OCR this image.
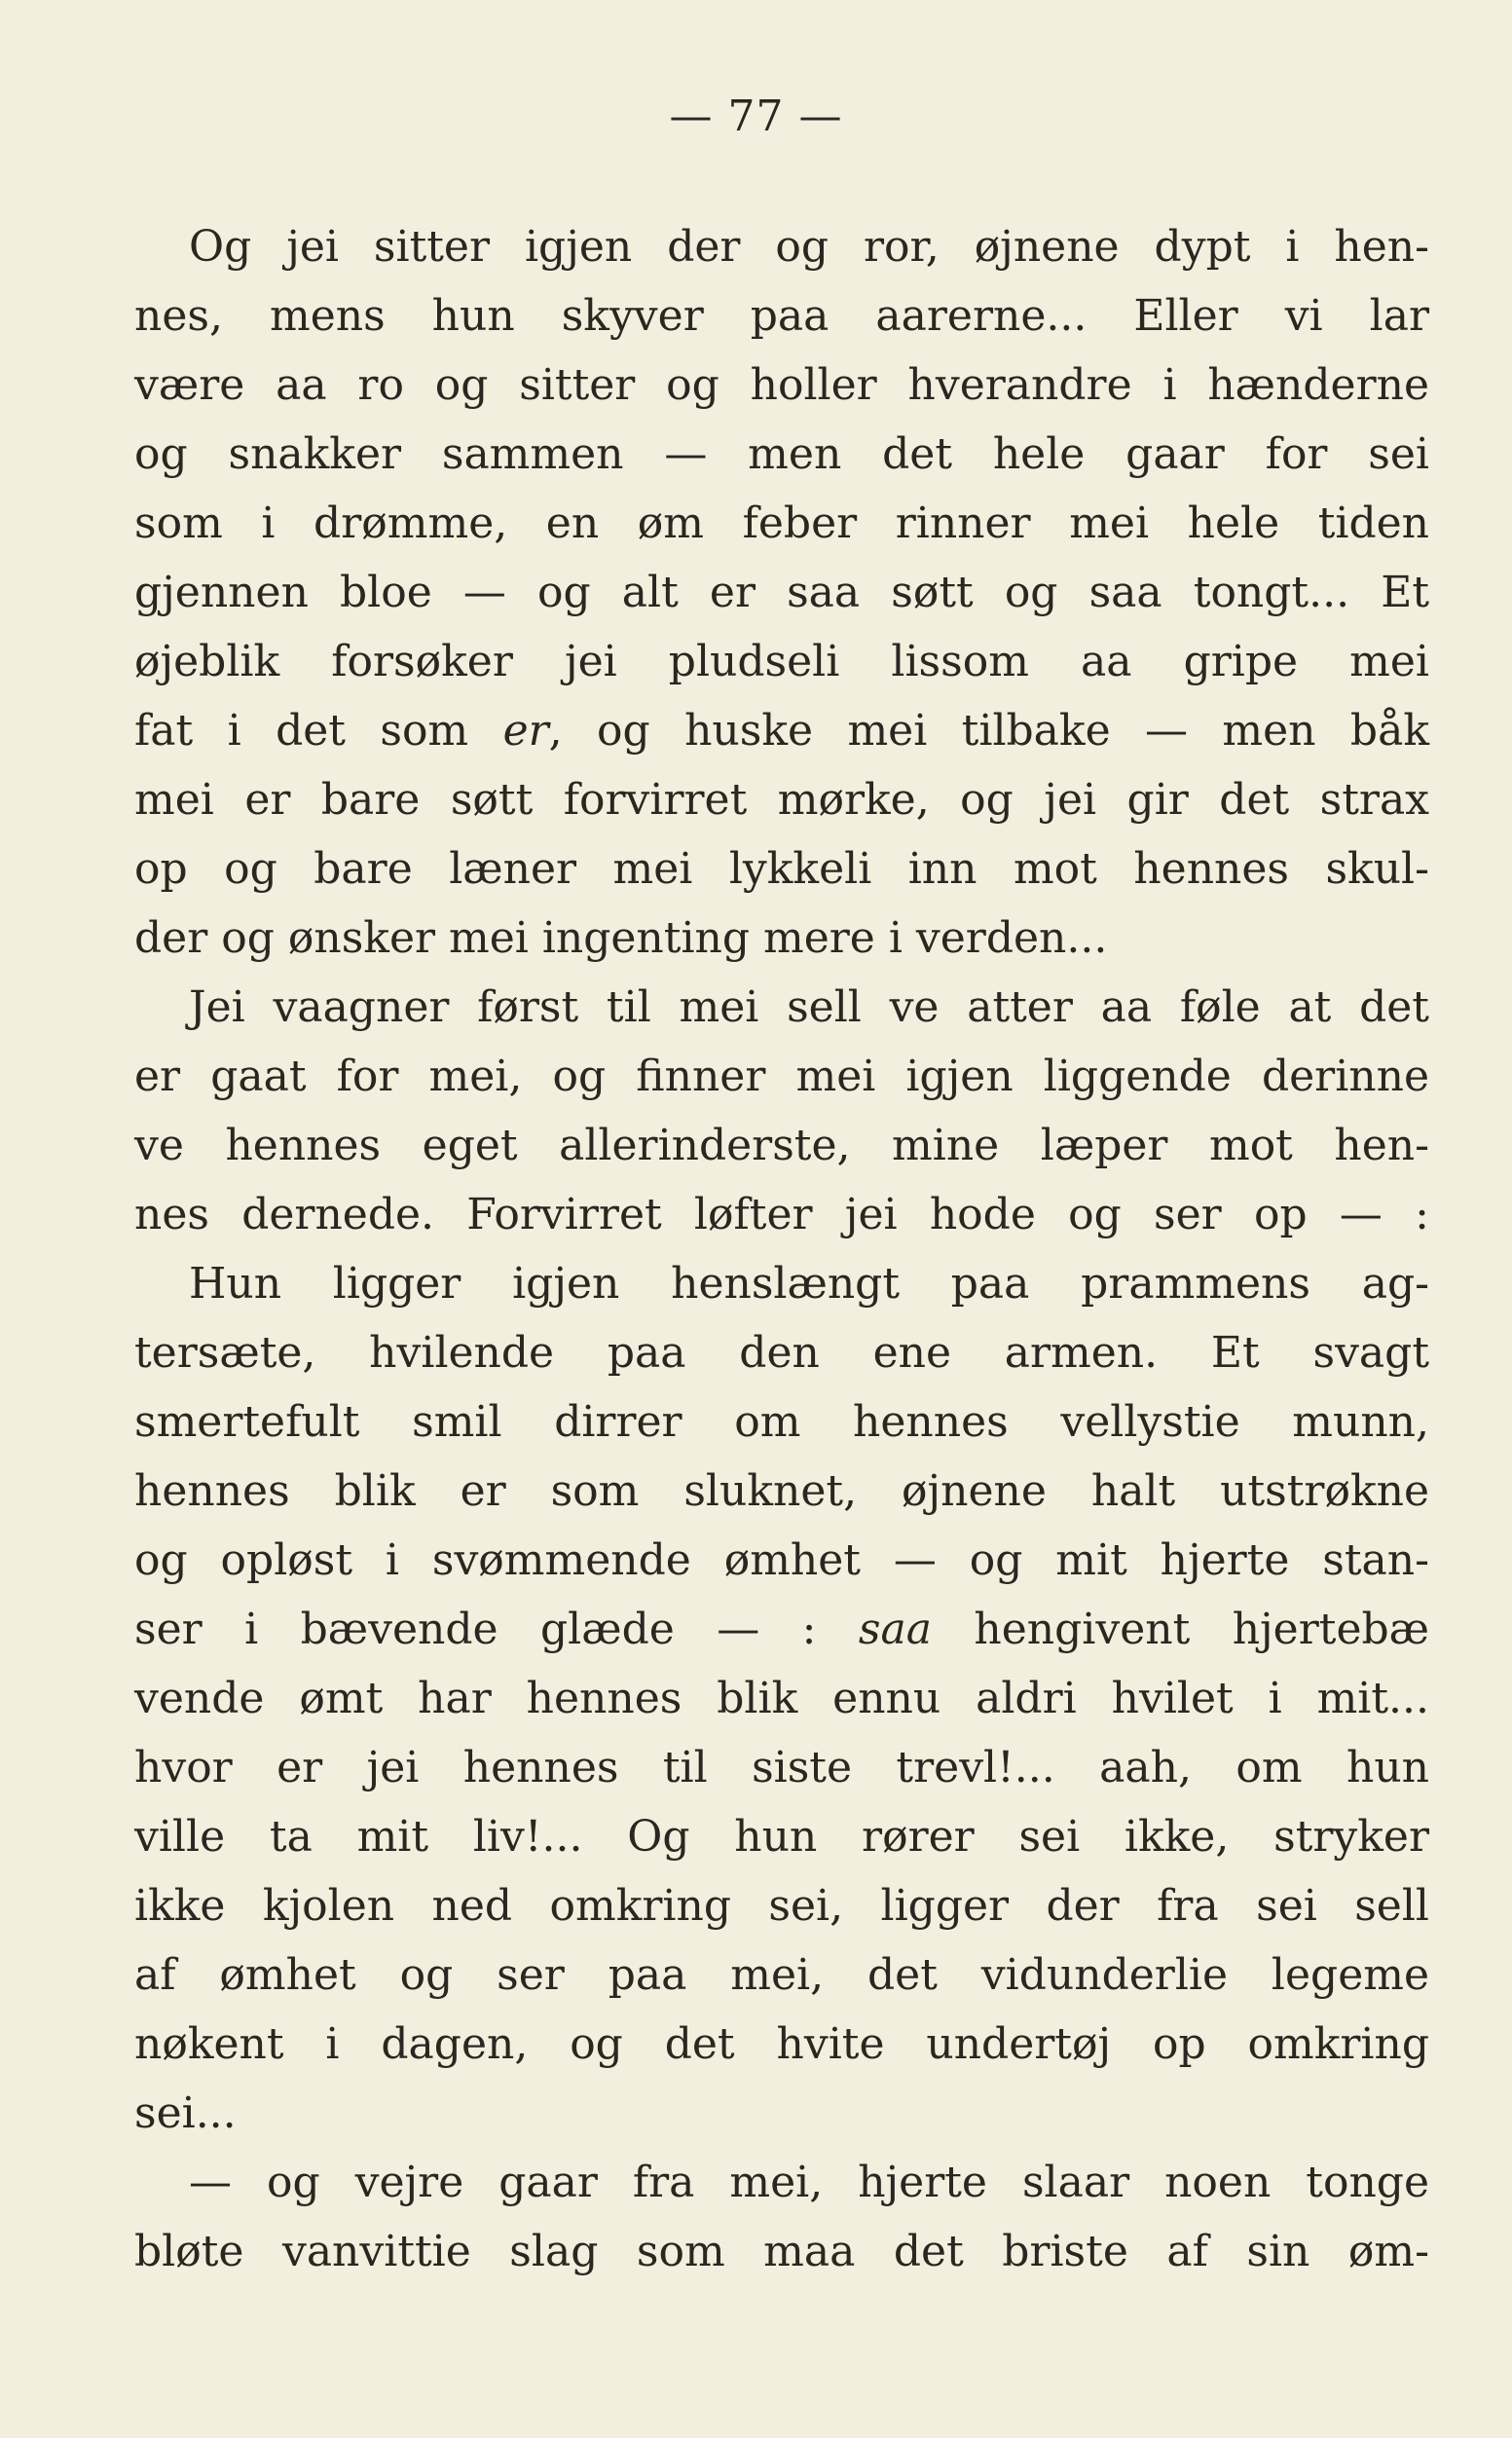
— 77 —
Og jei sitter igjen der og ror, øjnene dypt i hen-
nes, mens hun skyver paa aarerne... Eller vi lar
være aa ro og sitter og holler hverandre i hænderne
og snakker sammen — men det hele gaar for sei
som i drømme, en øm feber rinner mei hele tiden
gjennen bloe — og alt er saa søtt og saa tongt... Et
øjeblik forsøker jei pludseli lissom aa gripe mei
fat i det som er, og huske mei tilbake — men båk
mei er bare søtt forvirret mørke, og jei gir det strax
op og bare læner mei lykkeli inn mot hennes skul-
der og ønsker mei ingenting mere i verden...
Jei vaagner først til mei sell ve atter aa føle at det
er gaat for mei, og finner mei igjen liggende derinne
ve hennes eget allerinderste, mine læper mot hen-
nes dernede. Forvirret løfter jei hode og ser op — :
Hun ligger igjen henslængt paa prammens ag-
tersæte, hvilende paa den ene armen. Et svagt
smertefult smil dirrer om hennes vellystie munn,
hennes blik er som sluknet, øjnene halt utstrøkne
og opløst i svømmende ømhet — og mit hjerte stan-
ser i bævende glæde — : saa hengivent hjertebæ
vende ømt har hennes blik ennu aldri hvilet i mit...
hvor er jei hennes til siste trevl!... aah, om hun
ville ta mit liv!... Og hun rører sei ikke, stryker
ikke kjolen ned omkring sei, ligger der fra sei sell
af ømhet og ser paa mei, det vidunderlie legeme
nøkent i dagen, og det hvite undertøj op omkring
sei...
— og vejre gaar fra mei, hjerte slaar noen tonge
bløte vanvittie slag som maa det briste af sin øm-
